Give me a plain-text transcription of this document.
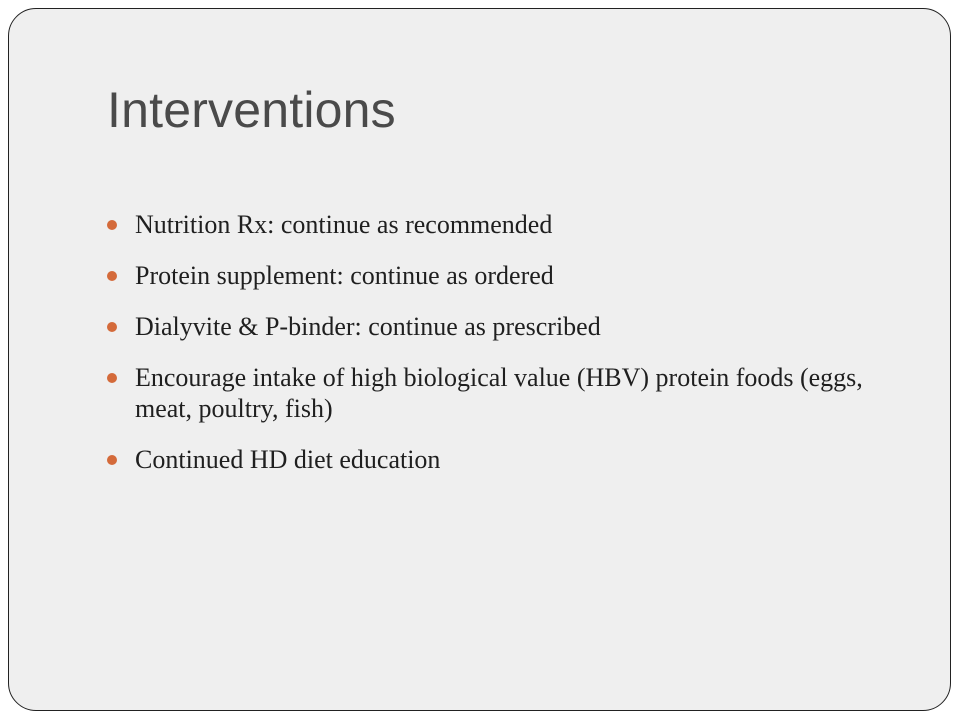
Interventions
Nutrition Rx: continue as recommended
Protein supplement: continue as ordered
Dialyvite & P-binder: continue as prescribed
Encourage intake of high biological value (HBV) protein foods (eggs, meat, poultry, fish)
Continued HD diet education
